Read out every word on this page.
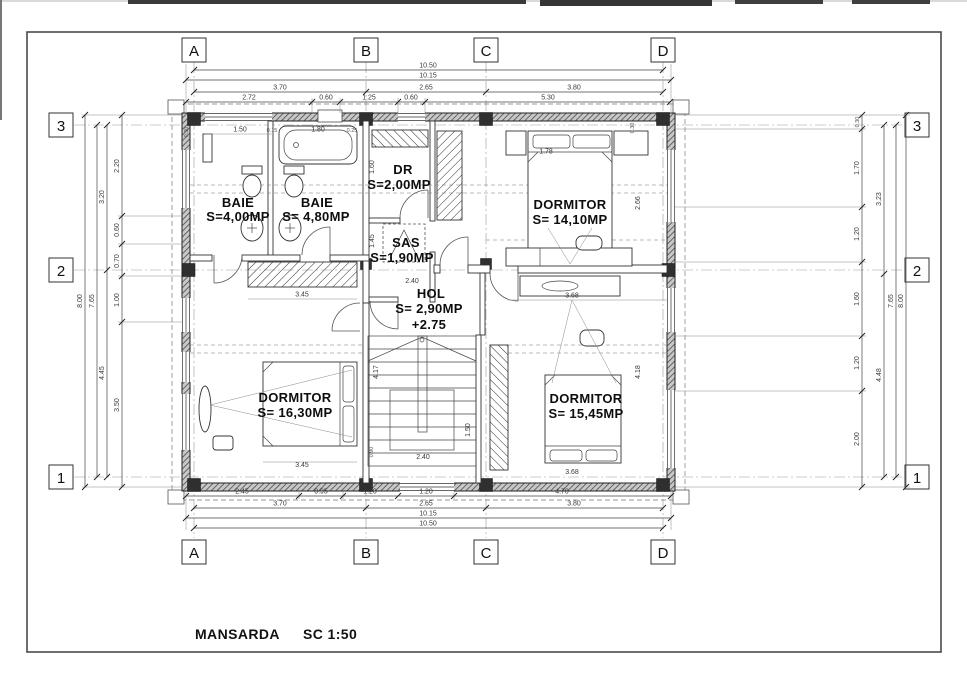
A	B	C	D
A	B	C	D
3
2
1
3
2
1
10.50
10.15
3.70	2.65	3.80
2.72	0.60	1.25	0.60	5.30
2.45	0.95	1.20	1.20	4.70
3.70	2.65	3.80
10.15
10.50
8.00 7.65
3.20
4.45
2.20
0.60
0.70
1.00
3.50
0.30
1.70
1.20
1.60
1.20
2.00
3.23
4.48
7.65 8.00
1.50	1.80
0.30	0.15	0.25	0.30
1.60
1.45
3.45
2.40
4.17
0.90
2.40
1.50
3.45
1.78
2.66
3.68
3.68
4.18
BAIE
S=4,00MP
BAIE
S= 4,80MP
DR
S=2,00MP
SAS
S=1,90MP
HOL
S= 2,90MP
+2.75
DORMITOR
S= 14,10MP
DORMITOR
S= 16,30MP
DORMITOR
S= 15,45MP
MANSARDA SC 1:50
